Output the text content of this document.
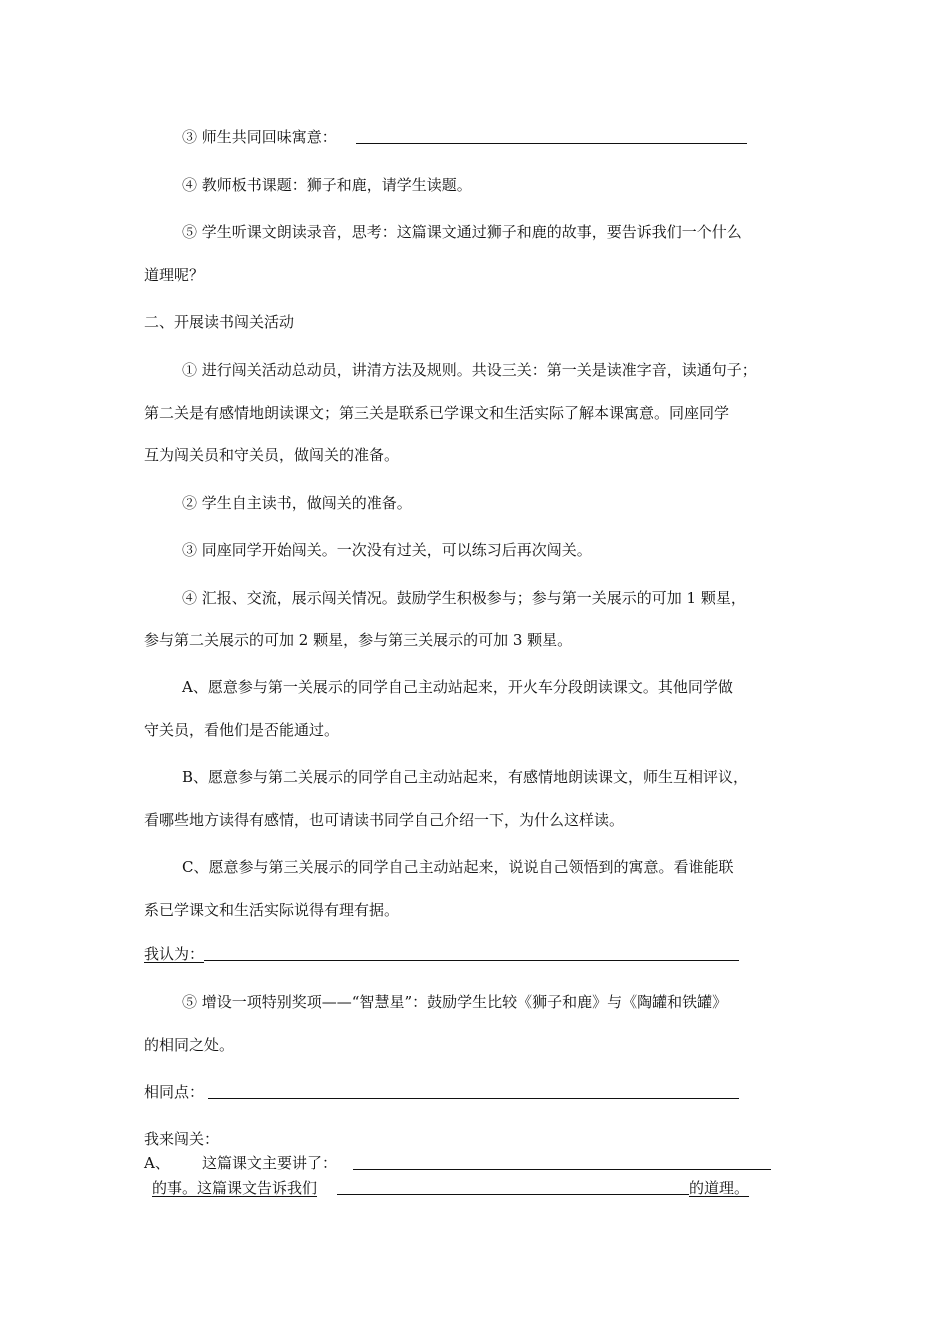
③ 师生共同回味寓意：
④ 教师板书课题：狮子和鹿，请学生读题。
⑤ 学生听课文朗读录音，思考：这篇课文通过狮子和鹿的故事，要告诉我们一个什么
道理呢？
二、开展读书闯关活动
① 进行闯关活动总动员，讲清方法及规则。共设三关：第一关是读准字音，读通句子；
第二关是有感情地朗读课文；第三关是联系已学课文和生活实际了解本课寓意。同座同学
互为闯关员和守关员，做闯关的准备。
② 学生自主读书，做闯关的准备。
③ 同座同学开始闯关。一次没有过关，可以练习后再次闯关。
④ 汇报、交流，展示闯关情况。鼓励学生积极参与；参与第一关展示的可加 1 颗星，
参与第二关展示的可加 2 颗星，参与第三关展示的可加 3 颗星。
A、愿意参与第一关展示的同学自己主动站起来，开火车分段朗读课文。其他同学做
守关员，看他们是否能通过。
B、愿意参与第二关展示的同学自己主动站起来，有感情地朗读课文，师生互相评议，
看哪些地方读得有感情，也可请读书同学自己介绍一下，为什么这样读。
C、愿意参与第三关展示的同学自己主动站起来，说说自己领悟到的寓意。看谁能联
系已学课文和生活实际说得有理有据。
我认为：
⑤ 增设一项特别奖项——“智慧星”：鼓励学生比较《狮子和鹿》与《陶罐和铁罐》
的相同之处。
相同点：
我来闯关：
A、 这篇课文主要讲了：
的事。这篇课文告诉我们	的道理。
